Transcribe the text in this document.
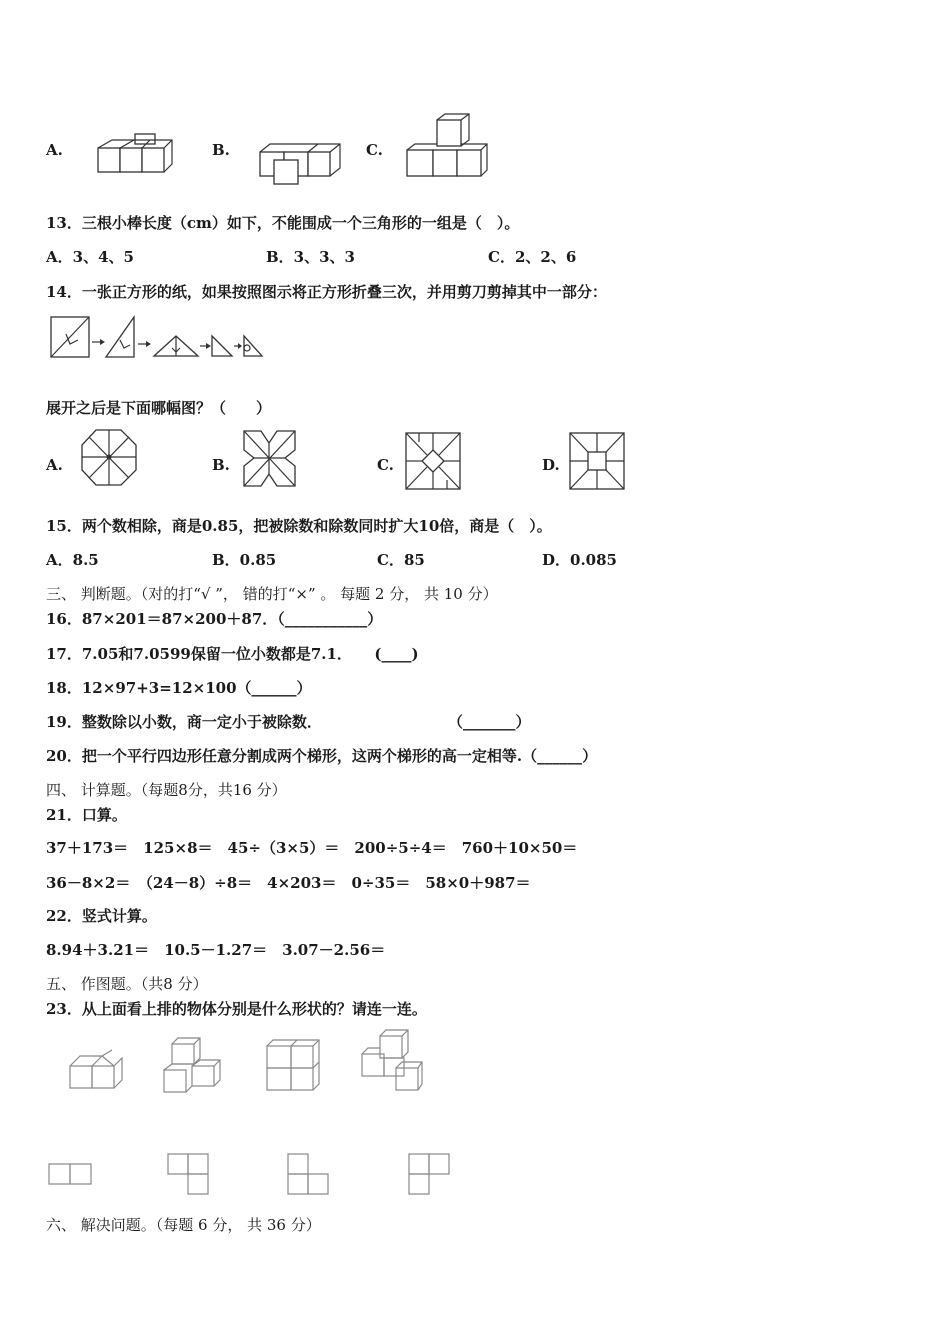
A.	B.	C.
13．三根小棒长度（cm）如下，不能围成一个三角形的一组是（　）。
A．3、4、5	B．3、3、3	C．2、2、6
14．一张正方形的纸，如果按照图示将正方形折叠三次，并用剪刀剪掉其中一部分：
展开之后是下面哪幅图？（　　）
A.	B.	C.	D.
15．两个数相除，商是0.85，把被除数和除数同时扩大10倍，商是（　）。
A．8.5	B．0.85	C．85	D．0.085
三、 判断题。（对的打“√ ”， 错的打“×” 。 每题 2 分， 共 10 分）
16．87×201＝87×200＋87．（___________）
17．7.05和7.0599保留一位小数都是7.1．　　(____)
18．12×97+3=12×100（______）
19．整数除以小数，商一定小于被除数．	（_______）
20．把一个平行四边形任意分割成两个梯形，这两个梯形的高一定相等.（______）
四、 计算题。（每题8分，共16 分）
21．口算。
37＋173＝　125×8＝　45÷（3×5）＝　200÷5÷4＝　760＋10×50＝
36－8×2＝　（24－8）÷8＝　4×203＝　0÷35＝　58×0＋987＝
22．竖式计算。
8.94＋3.21＝　10.5－1.27＝　3.07－2.56＝
五、 作图题。（共8 分）
23．从上面看上排的物体分别是什么形状的？请连一连。
六、 解决问题。（每题 6 分， 共 36 分）
